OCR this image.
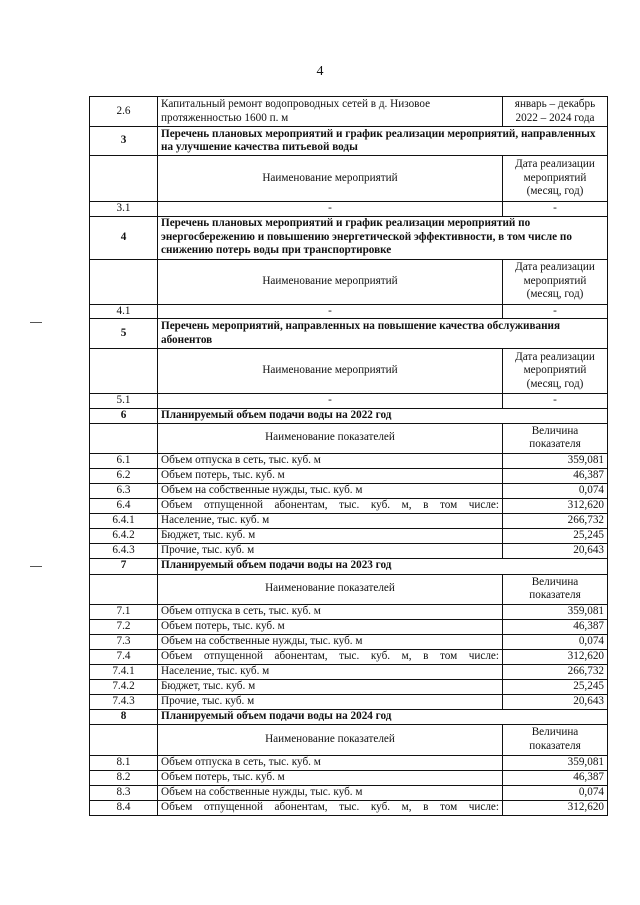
4
2.6	Капитальный ремонт водопроводных сетей в д. Низовое протяженностью 1600 п. м	январь – декабрь 2022 – 2024 года
3	Перечень плановых мероприятий и график реализации мероприятий, направленных на улучшение качества питьевой воды	
	Наименование мероприятий	Дата реализации мероприятий (месяц, год)
3.1	-	-
4	Перечень плановых мероприятий и график реализации мероприятий по энергосбережению и повышению энергетической эффективности, в том числе по снижению потерь воды при транспортировке	
	Наименование мероприятий	Дата реализации мероприятий (месяц, год)
4.1	-	-
5	Перечень мероприятий, направленных на повышение качества обслуживания абонентов	
	Наименование мероприятий	Дата реализации мероприятий (месяц, год)
5.1	-	-
6	Планируемый объем подачи воды на 2022 год	
	Наименование показателей	Величина показателя
6.1	Объем отпуска в сеть, тыс. куб. м	359,081
6.2	Объем потерь, тыс. куб. м	46,387
6.3	Объем на собственные нужды, тыс. куб. м	0,074
6.4	Объем отпущенной абонентам, тыс. куб. м, в том числе:	312,620
6.4.1	Население, тыс. куб. м	266,732
6.4.2	Бюджет, тыс. куб. м	25,245
6.4.3	Прочие, тыс. куб. м	20,643
7	Планируемый объем подачи воды на 2023 год	
	Наименование показателей	Величина показателя
7.1	Объем отпуска в сеть, тыс. куб. м	359,081
7.2	Объем потерь, тыс. куб. м	46,387
7.3	Объем на собственные нужды, тыс. куб. м	0,074
7.4	Объем отпущенной абонентам, тыс. куб. м, в том числе:	312,620
7.4.1	Население, тыс. куб. м	266,732
7.4.2	Бюджет, тыс. куб. м	25,245
7.4.3	Прочие, тыс. куб. м	20,643
8	Планируемый объем подачи воды на 2024 год	
	Наименование показателей	Величина показателя
8.1	Объем отпуска в сеть, тыс. куб. м	359,081
8.2	Объем потерь, тыс. куб. м	46,387
8.3	Объем на собственные нужды, тыс. куб. м	0,074
8.4	Объем отпущенной абонентам, тыс. куб. м, в том числе:	312,620
